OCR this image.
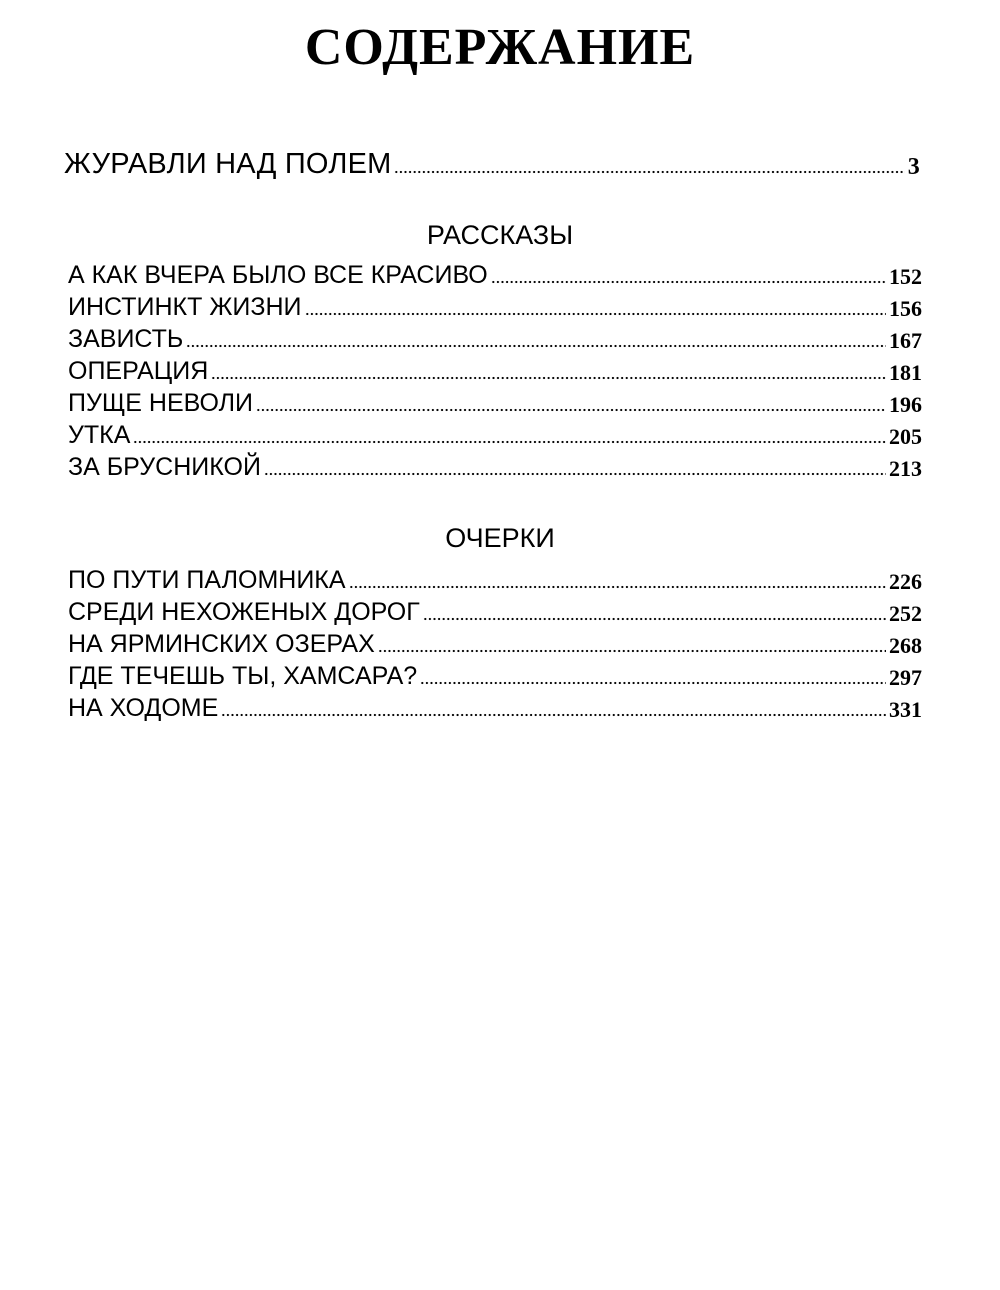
СОДЕРЖАНИЕ
ЖУРАВЛИ НАД ПОЛЕМ	3
РАССКАЗЫ
А КАК ВЧЕРА БЫЛО ВСЕ КРАСИВО	152
ИНСТИНКТ ЖИЗНИ	156
ЗАВИСТЬ	167
ОПЕРАЦИЯ	181
ПУЩЕ НЕВОЛИ	196
УТКА	205
ЗА БРУСНИКОЙ	213
ОЧЕРКИ
ПО ПУТИ ПАЛОМНИКА	226
СРЕДИ НЕХОЖЕНЫХ ДОРОГ	252
НА ЯРМИНСКИХ ОЗЕРАХ	268
ГДЕ ТЕЧЕШЬ ТЫ, ХАМСАРА?	297
НА ХОДОМЕ	331
